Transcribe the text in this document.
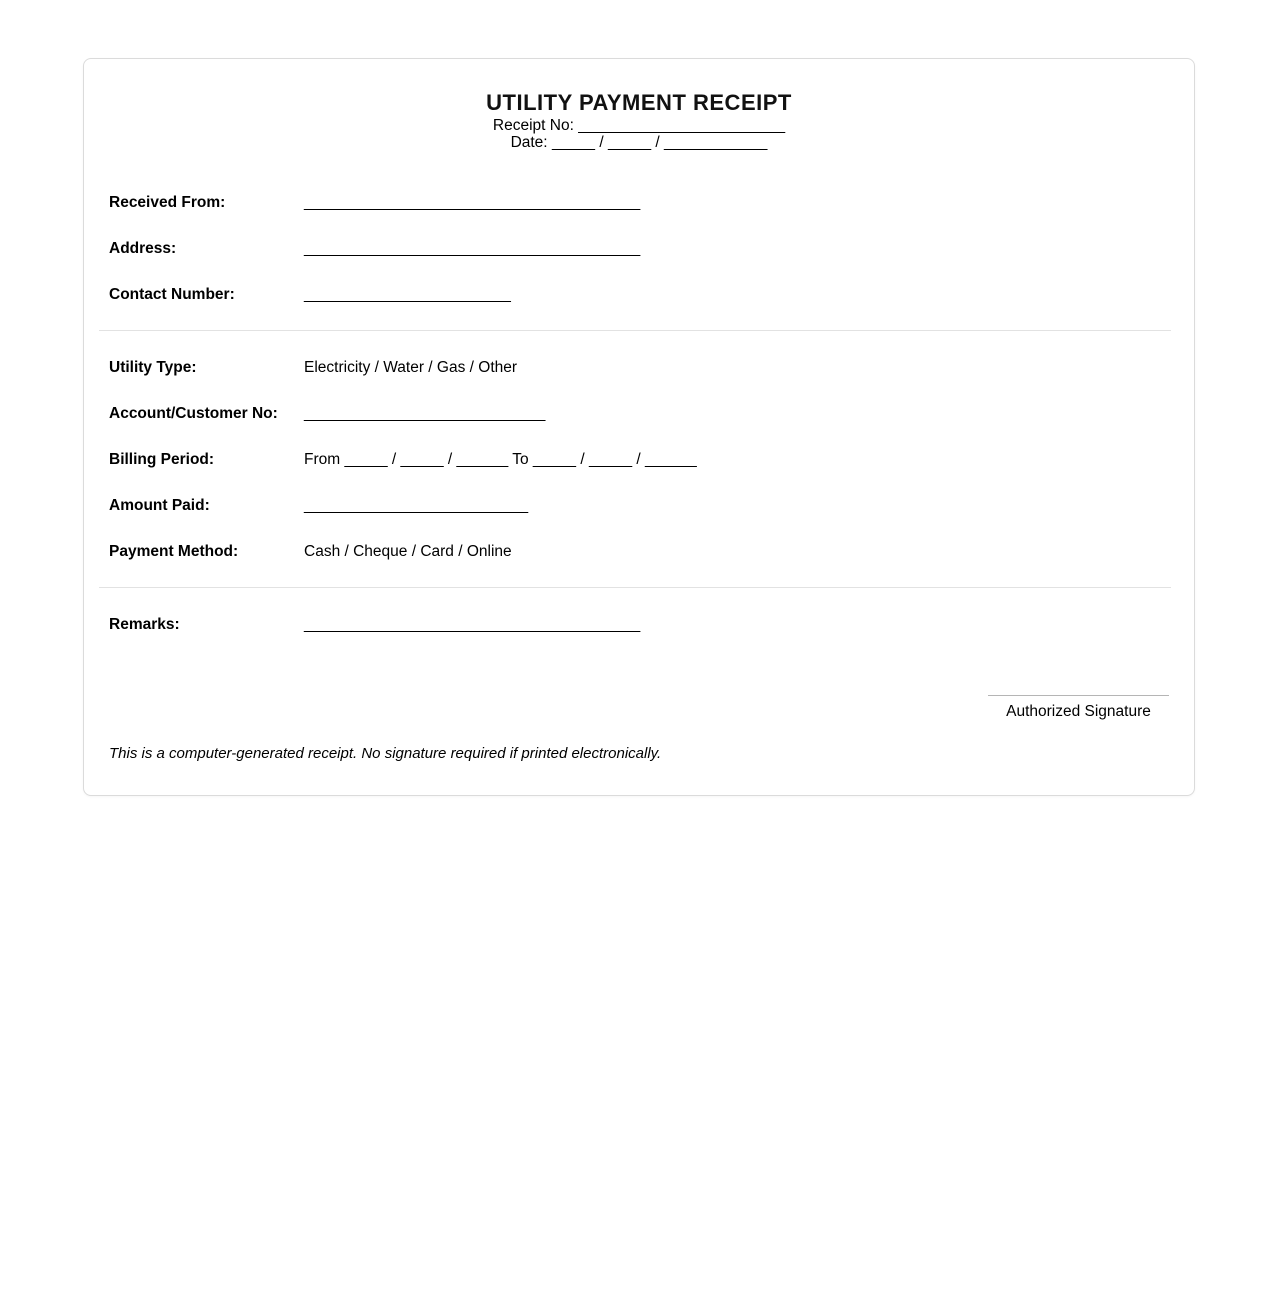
UTILITY PAYMENT RECEIPT
Receipt No: ________________________
Date: _____ / _____ / ____________
Received From:	_______________________________________
Address:	_______________________________________
Contact Number:	________________________
Utility Type:	Electricity / Water / Gas / Other
Account/Customer No:	____________________________
Billing Period:	From _____ / _____ / ______ To _____ / _____ / ______
Amount Paid:	__________________________
Payment Method:	Cash / Cheque / Card / Online
Remarks:	_______________________________________
Authorized Signature
This is a computer-generated receipt. No signature required if printed electronically.
